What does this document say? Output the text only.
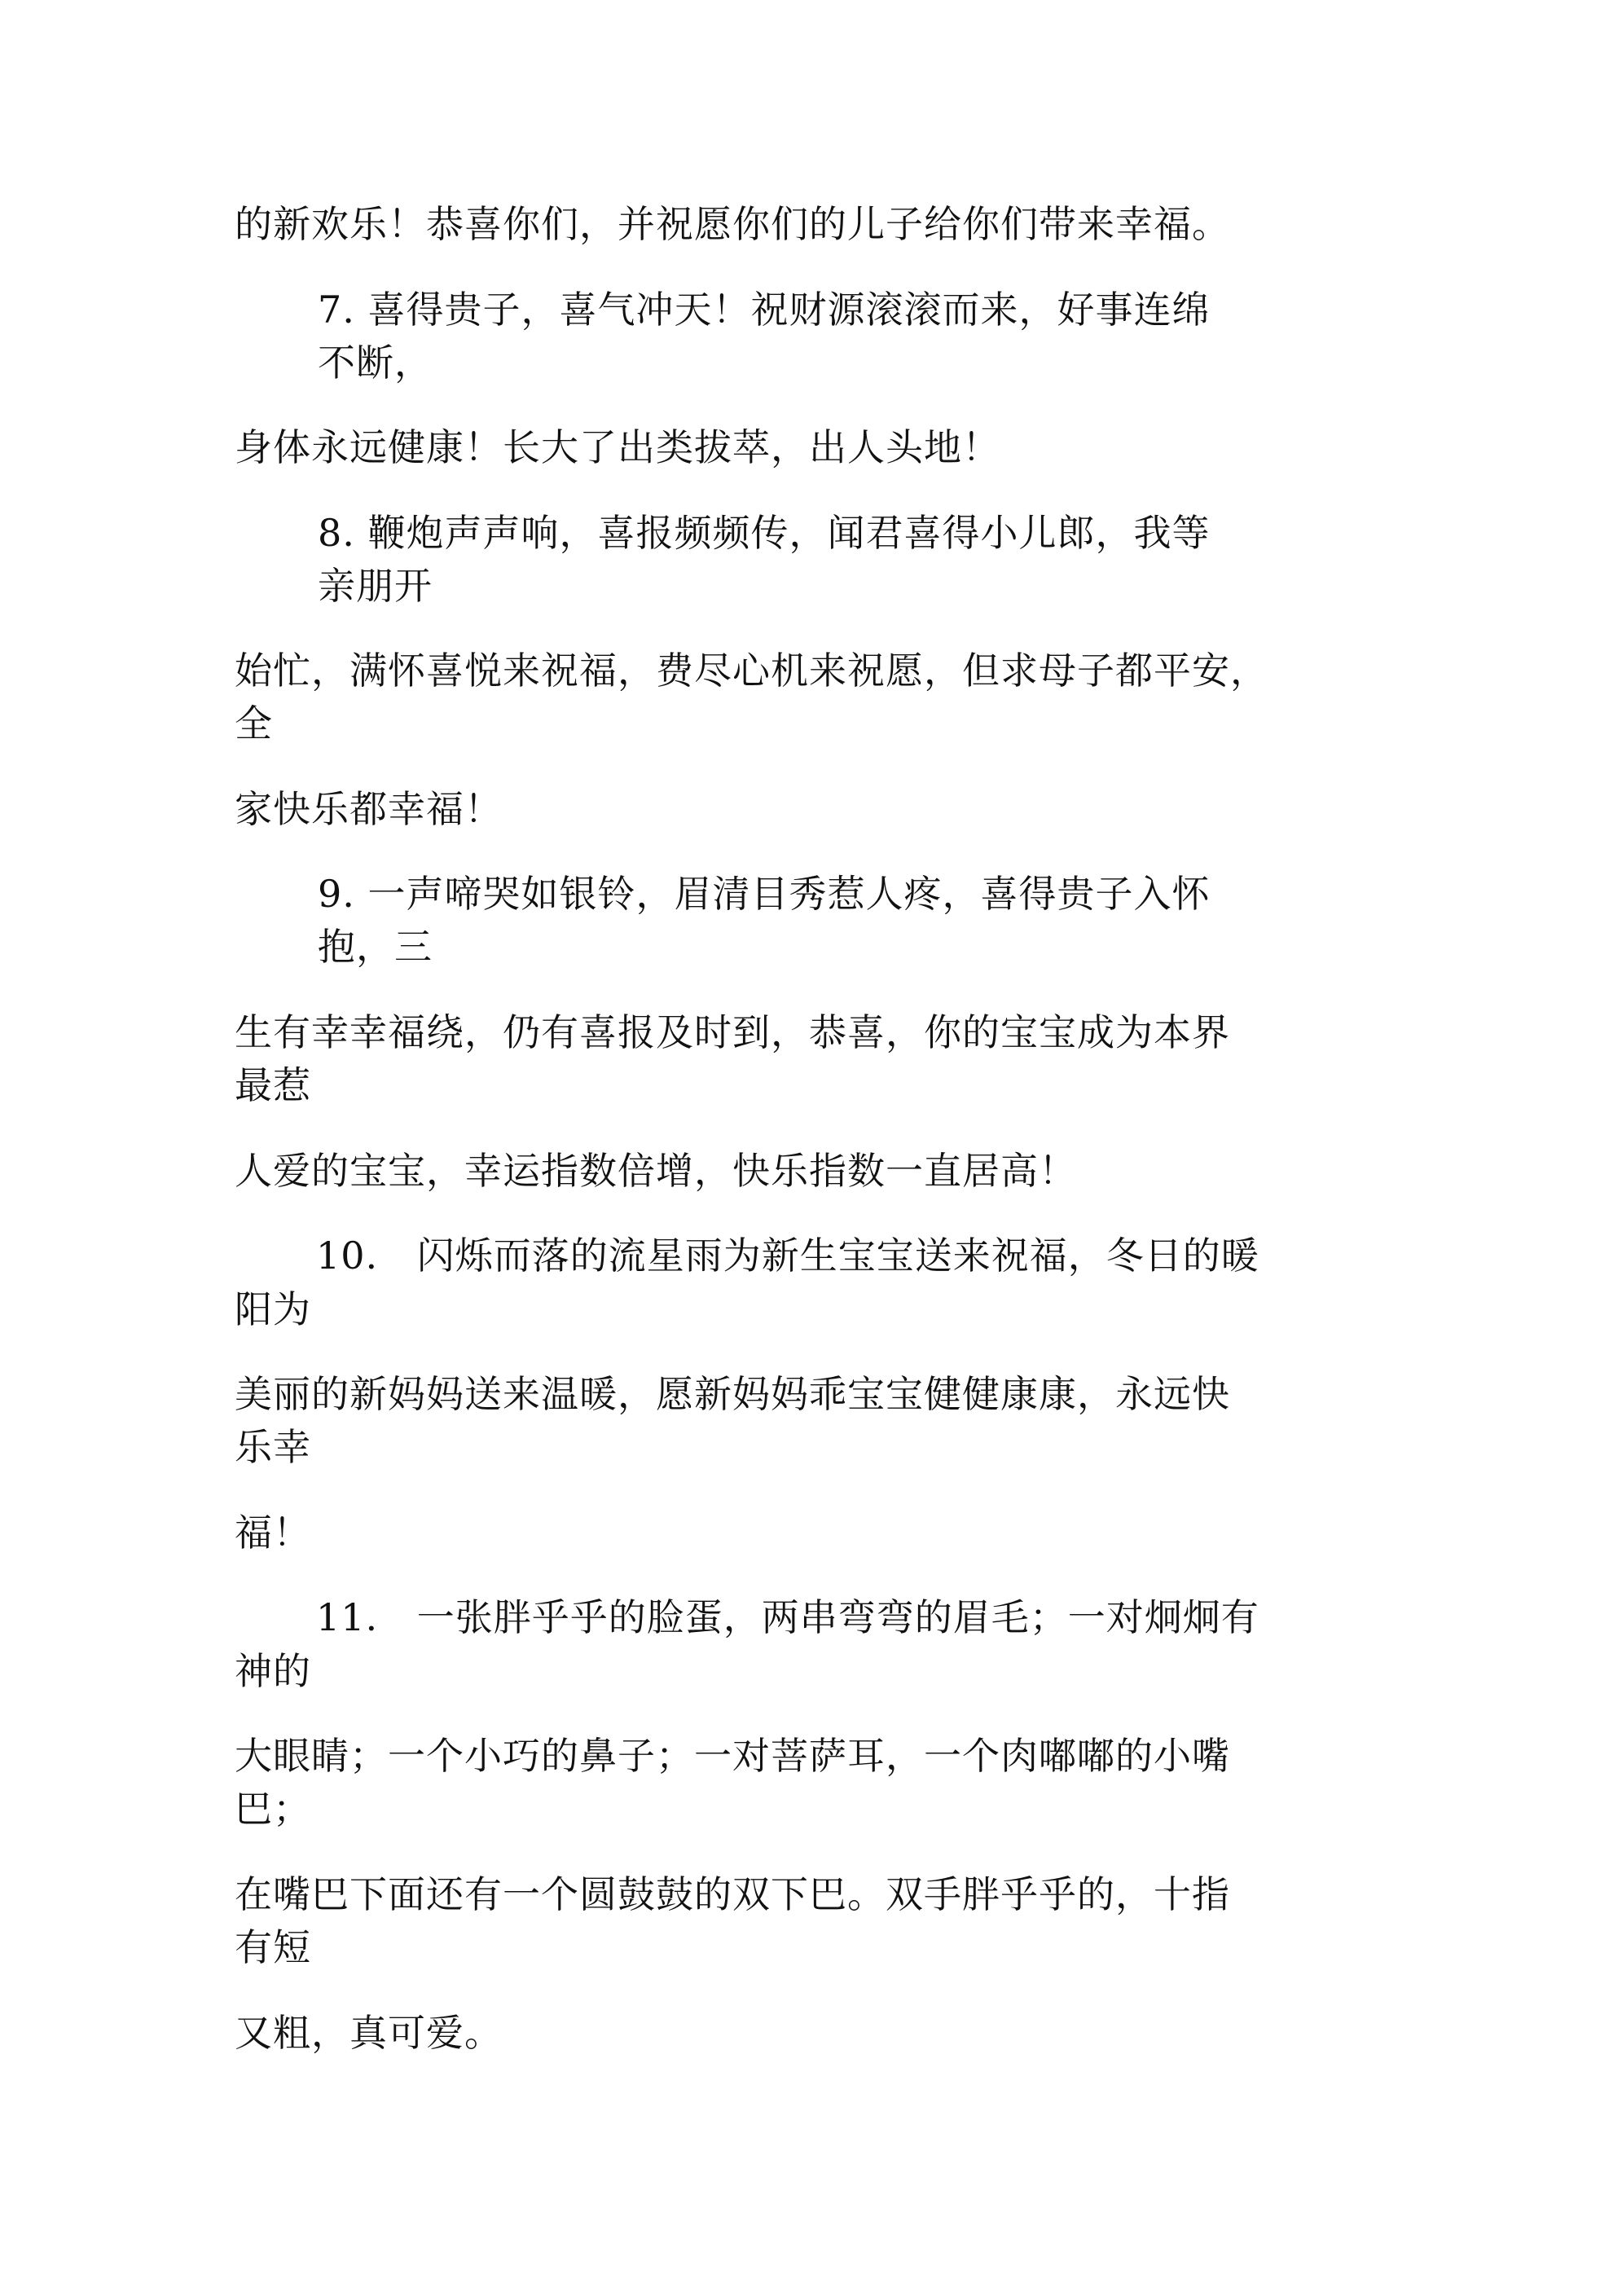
的新欢乐！恭喜你们，并祝愿你们的儿子给你们带来幸福。
7. 喜得贵子，喜气冲天！祝财源滚滚而来，好事连绵
不断，
身体永远健康！长大了出类拔萃，出人头地！
8. 鞭炮声声响，喜报频频传，闻君喜得小儿郎，我等
亲朋开
始忙，满怀喜悦来祝福，费尽心机来祝愿，但求母子都平安，
全
家快乐都幸福！
9. 一声啼哭如银铃，眉清目秀惹人疼，喜得贵子入怀
抱，三
生有幸幸福绕，仍有喜报及时到，恭喜，你的宝宝成为本界
最惹
人爱的宝宝，幸运指数倍增，快乐指数一直居高！
10. 闪烁而落的流星雨为新生宝宝送来祝福，冬日的暖
阳为
美丽的新妈妈送来温暖，愿新妈妈乖宝宝健健康康，永远快
乐幸
福！
11. 一张胖乎乎的脸蛋，两串弯弯的眉毛；一对炯炯有
神的
大眼睛；一个小巧的鼻子；一对菩萨耳，一个肉嘟嘟的小嘴
巴；
在嘴巴下面还有一个圆鼓鼓的双下巴。双手胖乎乎的，十指
有短
又粗，真可爱。
